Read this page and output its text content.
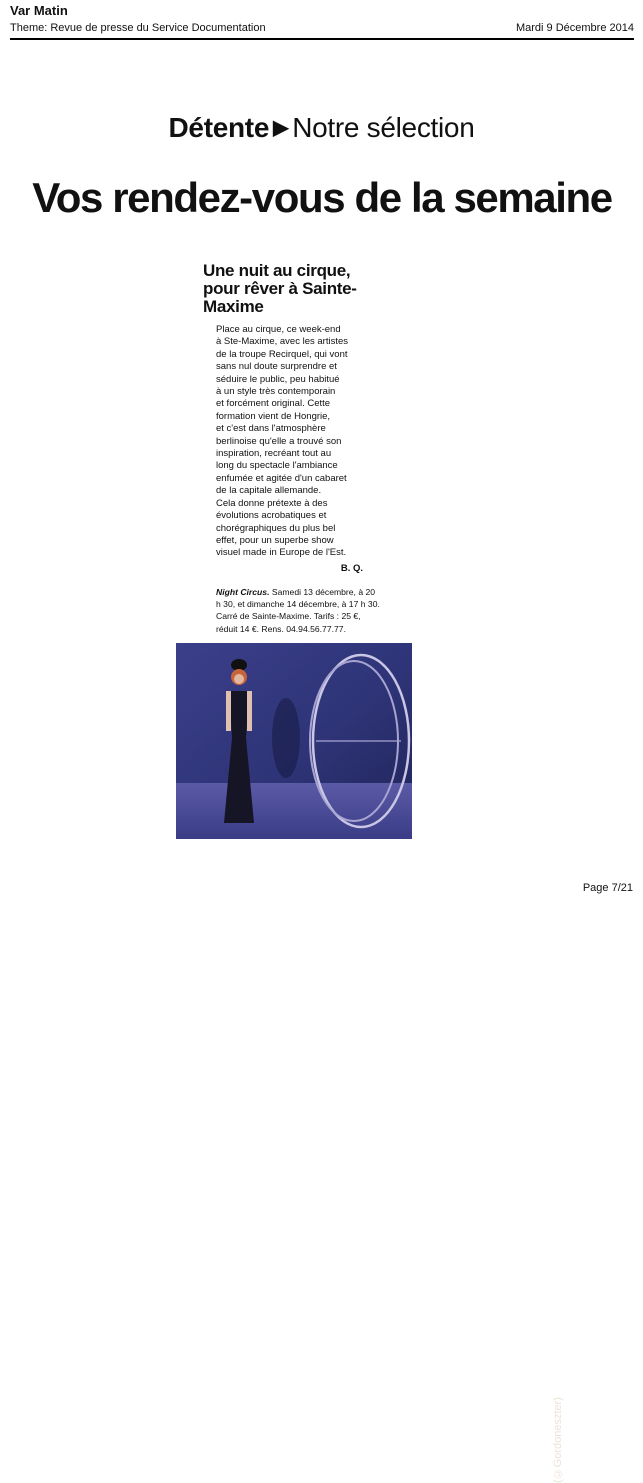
Var Matin
Theme: Revue de presse du Service Documentation	Mardi 9 Décembre 2014
Détente ▶ Notre sélection
Vos rendez-vous de la semaine
Une nuit au cirque, pour rêver à Sainte-Maxime

Place au cirque, ce week-end

à Ste-Maxime, avec les artistes

de la troupe Recirquel, qui vont

sans nul doute surprendre et

séduire le public, peu habitué

à un style très contemporain

et forcément original. Cette

formation vient de Hongrie,

et c'est dans l'atmosphère

berlinoise qu'elle a trouvé son

inspiration, recréant tout au

long du spectacle l'ambiance

enfumée et agitée d'un cabaret

de la capitale allemande.

Cela donne prétexte à des

évolutions acrobatiques et

chorégraphiques du plus bel

effet, pour un superbe show

visuel made in Europe de l'Est.

B. Q.
Night Circus. Samedi 13 décembre, à 20 h 30, et dimanche 14 décembre, à 17 h 30. Carré de Sainte-Maxime. Tarifs : 25 €, réduit 14 €. Rens. 04.94.56.77.77.
(©Gordoneszter)
Page 7/21
